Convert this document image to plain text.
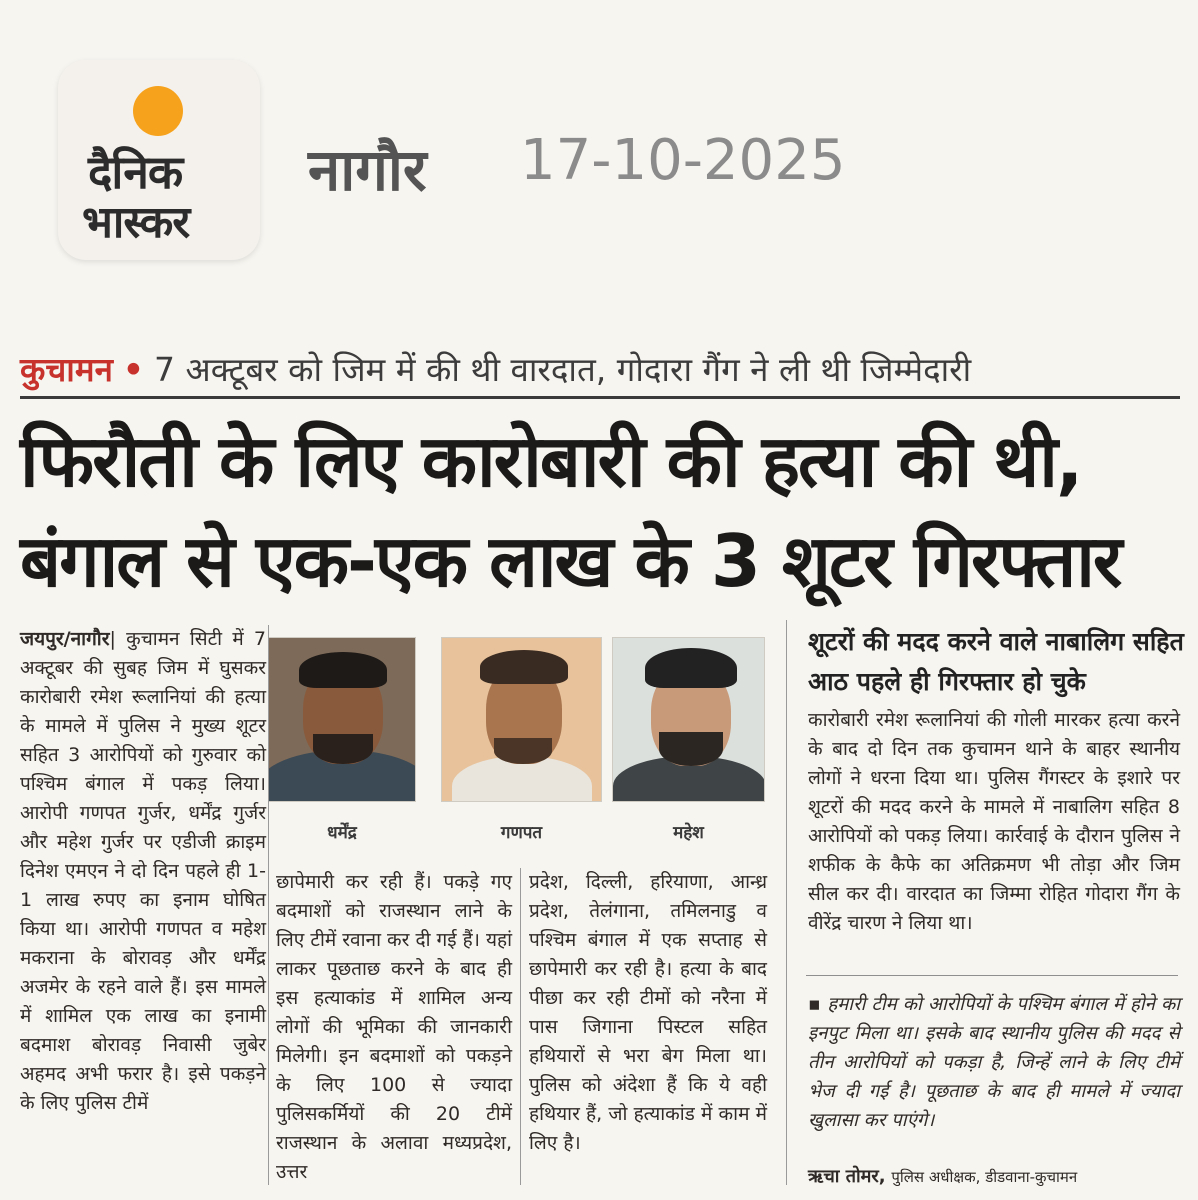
दैनिक
भास्कर
नागौर 17-10-2025
कुचामन • 7 अक्टूबर को जिम में की थी वारदात, गोदारा गैंग ने ली थी जिम्मेदारी
फिरौती के लिए कारोबारी की हत्या की थी,
बंगाल से एक-एक लाख के 3 शूटर गिरफ्तार
जयपुर/नागौर| कुचामन सिटी में 7 अक्टूबर की सुबह जिम में घुसकर कारोबारी रमेश रूलानियां की हत्या के मामले में पुलिस ने मुख्य शूटर सहित 3 आरोपियों को गुरुवार को पश्चिम बंगाल में पकड़ लिया। आरोपी गणपत गुर्जर, धर्मेंद्र गुर्जर और महेश गुर्जर पर एडीजी क्राइम दिनेश एमएन ने दो दिन पहले ही 1-1 लाख रुपए का इनाम घोषित किया था। आरोपी गणपत व महेश मकराना के बोरावड़ और धर्मेंद्र अजमेर के रहने वाले हैं। इस मामले में शामिल एक लाख का इनामी बदमाश बोरावड़ निवासी जुबेर अहमद अभी फरार है। इसे पकड़ने के लिए पुलिस टीमें
धर्मेंद्र	गणपत	महेश
छापेमारी कर रही हैं। पकड़े गए बदमाशों को राजस्थान लाने के लिए टीमें रवाना कर दी गई हैं। यहां लाकर पूछताछ करने के बाद ही इस हत्याकांड में शामिल अन्य लोगों की भूमिका की जानकारी मिलेगी। इन बदमाशों को पकड़ने के लिए 100 से ज्यादा पुलिसकर्मियों की 20 टीमें राजस्थान के अलावा मध्यप्रदेश, उत्तर
प्रदेश, दिल्ली, हरियाणा, आन्ध्र प्रदेश, तेलंगाना, तमिलनाडु व पश्चिम बंगाल में एक सप्ताह से छापेमारी कर रही है। हत्या के बाद पीछा कर रही टीमों को नरैना में पास जिगाना पिस्टल सहित हथियारों से भरा बेग मिला था। पुलिस को अंदेशा हैं कि ये वही हथियार हैं, जो हत्याकांड में काम में लिए है।
शूटरों की मदद करने वाले नाबालिग सहित आठ पहले ही गिरफ्तार हो चुके
कारोबारी रमेश रूलानियां की गोली मारकर हत्या करने के बाद दो दिन तक कुचामन थाने के बाहर स्थानीय लोगों ने धरना दिया था। पुलिस गैंगस्टर के इशारे पर शूटरों की मदद करने के मामले में नाबालिग सहित 8 आरोपियों को पकड़ लिया। कार्रवाई के दौरान पुलिस ने शफीक के कैफे का अतिक्रमण भी तोड़ा और जिम सील कर दी। वारदात का जिम्मा रोहित गोदारा गैंग के वीरेंद्र चारण ने लिया था।
▪ हमारी टीम को आरोपियों के पश्चिम बंगाल में होने का इनपुट मिला था। इसके बाद स्थानीय पुलिस की मदद से तीन आरोपियों को पकड़ा है, जिन्हें लाने के लिए टीमें भेज दी गई है। पूछताछ के बाद ही मामले में ज्यादा खुलासा कर पाएंगे।
ऋचा तोमर, पुलिस अधीक्षक, डीडवाना-कुचामन
